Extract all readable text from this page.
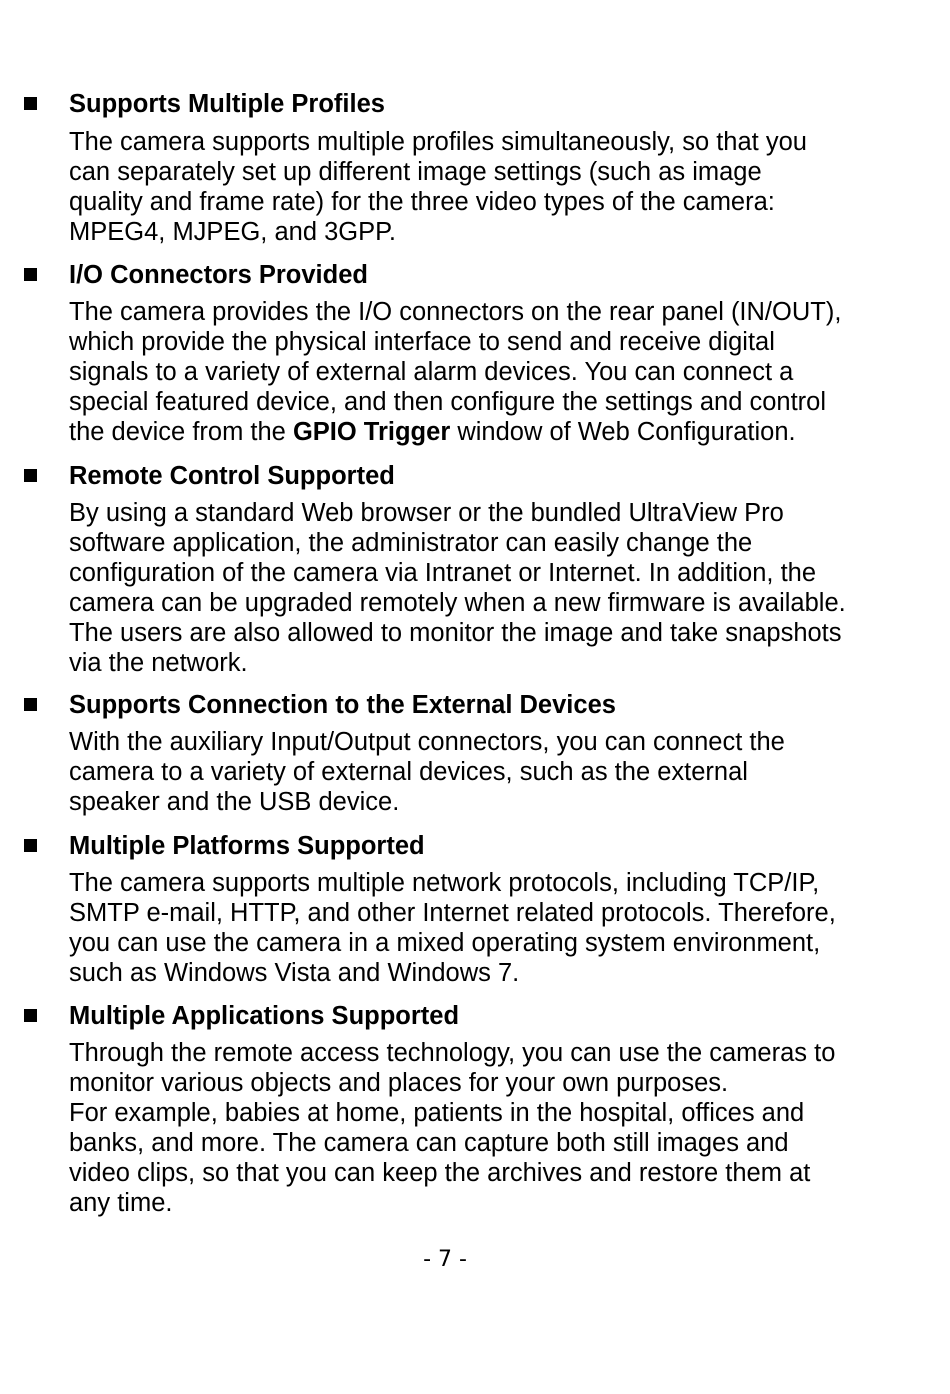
Supports Multiple Profiles
The camera supports multiple profiles simultaneously, so that you
can separately set up different image settings (such as image
quality and frame rate) for the three video types of the camera:
MPEG4, MJPEG, and 3GPP.
I/O Connectors Provided
The camera provides the I/O connectors on the rear panel (IN/OUT),
which provide the physical interface to send and receive digital
signals to a variety of external alarm devices. You can connect a
special featured device, and then configure the settings and control
the device from the GPIO Trigger window of Web Configuration.
Remote Control Supported
By using a standard Web browser or the bundled UltraView Pro
software application, the administrator can easily change the
configuration of the camera via Intranet or Internet. In addition, the
camera can be upgraded remotely when a new firmware is available.
The users are also allowed to monitor the image and take snapshots
via the network.
Supports Connection to the External Devices
With the auxiliary Input/Output connectors, you can connect the
camera to a variety of external devices, such as the external
speaker and the USB device.
Multiple Platforms Supported
The camera supports multiple network protocols, including TCP/IP,
SMTP e-mail, HTTP, and other Internet related protocols. Therefore,
you can use the camera in a mixed operating system environment,
such as Windows Vista and Windows 7.
Multiple Applications Supported
Through the remote access technology, you can use the cameras to
monitor various objects and places for your own purposes.
For example, babies at home, patients in the hospital, offices and
banks, and more. The camera can capture both still images and
video clips, so that you can keep the archives and restore them at
any time.
- 7 -
